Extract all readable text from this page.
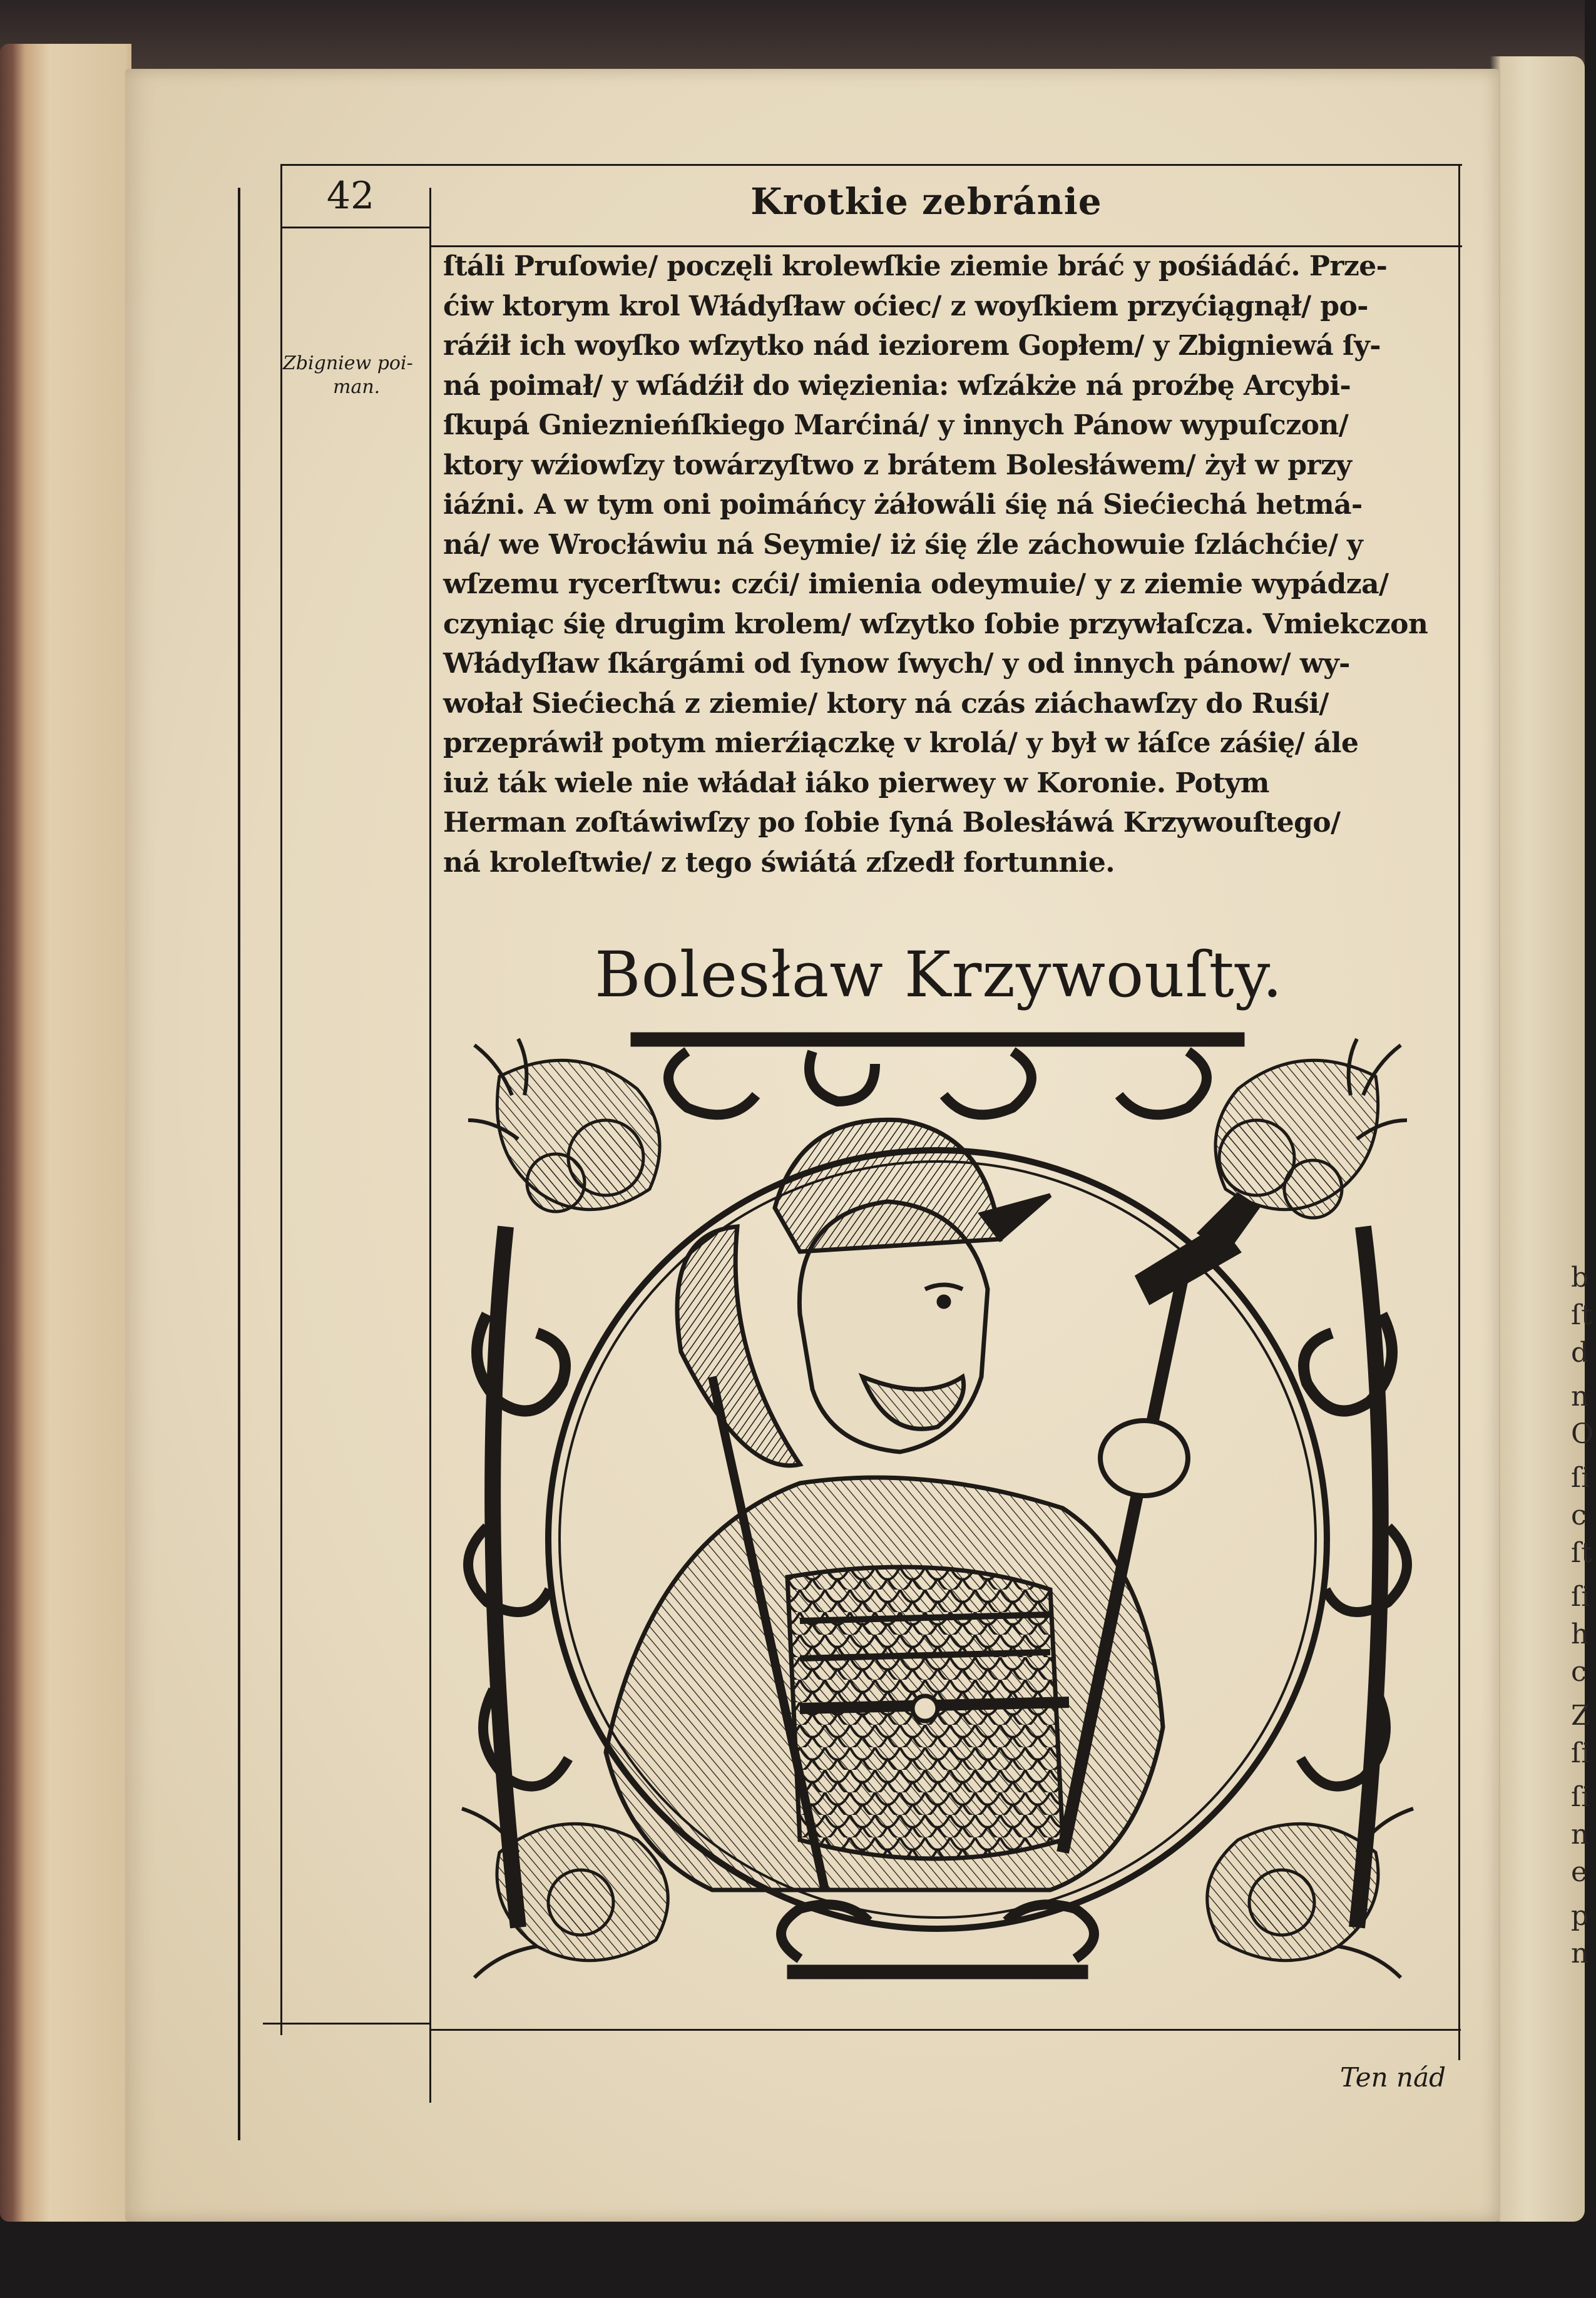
b
ſt
d
n
O
ſi
c
ſt
ſi
h
c
Z
ſi
ſi
n
e
p
n
42	Krotkie zebránie
Zbigniew poi-
man.
ſtáli Pruſowie/ poczęli krolewſkie ziemie bráć y pośiádáć. Prze-
ćiw ktorym krol Włádyſław oćiec/ z woyſkiem przyćiągnął/ po-
ráźił ich woyſko wſzytko nád ieziorem Gopłem/ y Zbigniewá ſy-
ná poimał/ y wſádźił do więzienia: wſzákże ná proźbę Arcybi-
ſkupá Gnieznieńſkiego Marćiná/ y innych Pánow wypuſczon/
ktory wźiowſzy towárzyſtwo z brátem Bolesłáwem/ żył w przy
iáźni. A w tym oni poimáńcy żáłowáli śię ná Siećiechá hetmá-
ná/ we Wrocłáwiu ná Seymie/ iż śię źle záchowuie ſzláchćie/ y
wſzemu rycerſtwu: czći/ imienia odeymuie/ y z ziemie wypádza/
czyniąc śię drugim krolem/ wſzytko ſobie przywłaſcza. Vmiekczon
Włádyſław ſkárgámi od ſynow ſwych/ y od innych pánow/ wy-
wołał Siećiechá z ziemie/ ktory ná czás ziáchawſzy do Ruśi/
przepráwił potym mierźiączkę v krolá/ y był w łáſce záśię/ ále
iuż ták wiele nie włádał iáko pierwey w Koronie. Potym
Herman zoſtáwiwſzy po ſobie ſyná Bolesłáwá Krzywouſtego/
ná kroleſtwie/ z tego świátá zſzedł fortunnie.
Bolesław Krzywouſty.
Ten nád
